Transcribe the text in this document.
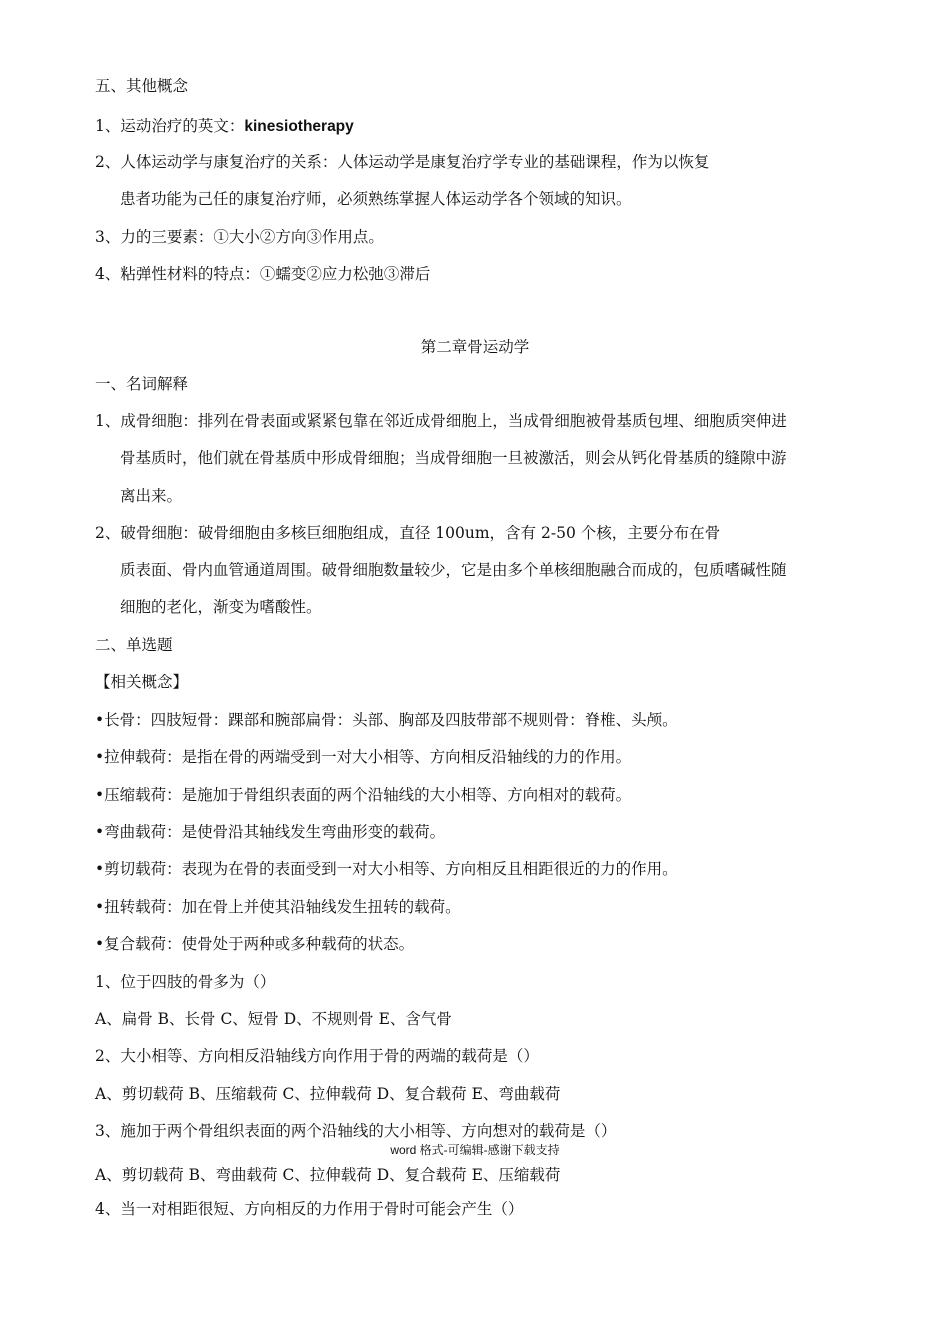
五、其他概念
1、运动治疗的英文：kinesiotherapy
2、人体运动学与康复治疗的关系：人体运动学是康复治疗学专业的基础课程，作为以恢复
患者功能为己任的康复治疗师，必须熟练掌握人体运动学各个领域的知识。
3、力的三要素：①大小②方向③作用点。
4、粘弹性材料的特点：①蠕变②应力松弛③滞后
第二章骨运动学
一、名词解释
1、成骨细胞：排列在骨表面或紧紧包靠在邻近成骨细胞上，当成骨细胞被骨基质包埋、细胞质突伸进
骨基质时，他们就在骨基质中形成骨细胞；当成骨细胞一旦被激活，则会从钙化骨基质的缝隙中游
离出来。
2、破骨细胞：破骨细胞由多核巨细胞组成，直径 100um，含有 2-50 个核，主要分布在骨
质表面、骨内血管通道周围。破骨细胞数量较少，它是由多个单核细胞融合而成的，包质嗜碱性随
细胞的老化，渐变为嗜酸性。
二、单选题
【相关概念】
•长骨：四肢短骨：踝部和腕部扁骨：头部、胸部及四肢带部不规则骨：脊椎、头颅。
•拉伸载荷：是指在骨的两端受到一对大小相等、方向相反沿轴线的力的作用。
•压缩载荷：是施加于骨组织表面的两个沿轴线的大小相等、方向相对的载荷。
•弯曲载荷：是使骨沿其轴线发生弯曲形变的载荷。
•剪切载荷：表现为在骨的表面受到一对大小相等、方向相反且相距很近的力的作用。
•扭转载荷：加在骨上并使其沿轴线发生扭转的载荷。
•复合载荷：使骨处于两种或多种载荷的状态。
1、位于四肢的骨多为（）
A、扁骨 B、长骨 C、短骨 D、不规则骨 E、含气骨
2、大小相等、方向相反沿轴线方向作用于骨的两端的载荷是（）
A、剪切载荷 B、压缩载荷 C、拉伸载荷 D、复合载荷 E、弯曲载荷
3、施加于两个骨组织表面的两个沿轴线的大小相等、方向想对的载荷是（）
A、剪切载荷 B、弯曲载荷 C、拉伸载荷 D、复合载荷 E、压缩载荷
4、当一对相距很短、方向相反的力作用于骨时可能会产生（）
word 格式-可编辑-感谢下载支持
